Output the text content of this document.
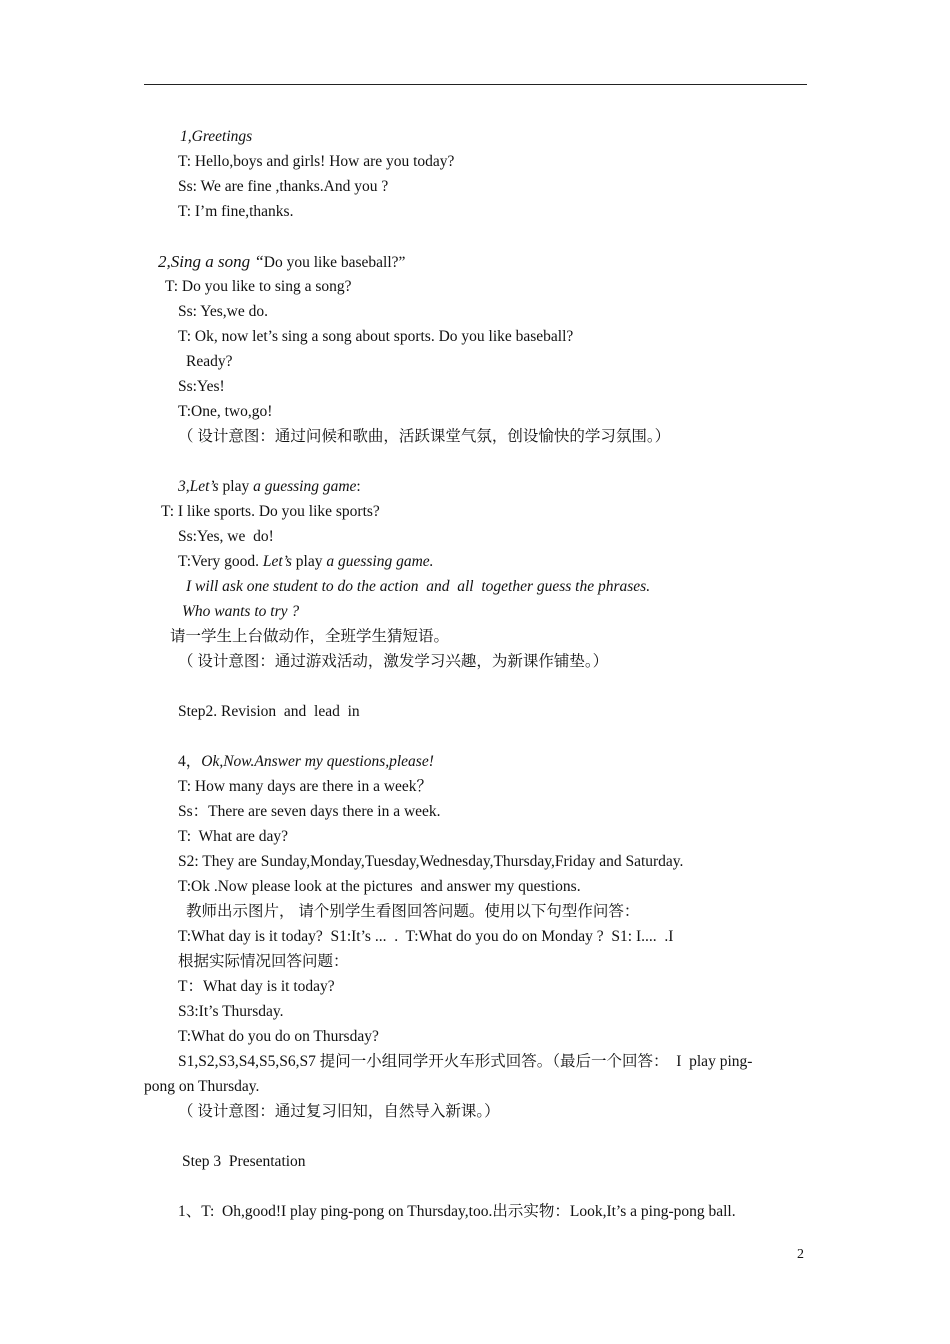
1,Greetings
T: Hello,boys and girls! How are you today?
Ss: We are fine ,thanks.And you ?
T: I’m fine,thanks.
2,Sing a song “Do you like baseball?”
T: Do you like to sing a song?
Ss: Yes,we do.
T: Ok, now let’s sing a song about sports. Do you like baseball?
Ready?
Ss:Yes!
T:One, two,go!
（ 设计意图：通过问候和歌曲，活跃课堂气氛，创设愉快的学习氛围。）
3,Let’s play a guessing game:
T: I like sports. Do you like sports?
Ss:Yes, we  do!
T:Very good. Let’s play a guessing game.
I will ask one student to do the action  and  all  together guess the phrases.
Who wants to try ?
请一学生上台做动作，全班学生猜短语。
（ 设计意图：通过游戏活动，激发学习兴趣，为新课作铺垫。）
Step2. Revision  and  lead  in
4，Ok,Now.Answer my questions,please!
T: How many days are there in a week？
Ss：There are seven days there in a week.
T:  What are day?
S2: They are Sunday,Monday,Tuesday,Wednesday,Thursday,Friday and Saturday.
T:Ok .Now please look at the pictures  and answer my questions.
教师出示图片， 请个别学生看图回答问题。使用以下句型作问答：
T:What day is it today?  S1:It’s ...  .  T:What do you do on Monday ?  S1: I....  .I
根据实际情况回答问题：
T：What day is it today?
S3:It’s Thursday.
T:What do you do on Thursday?
S1,S2,S3,S4,S5,S6,S7 提问一小组同学开火车形式回答。（最后一个回答：  I  play ping-
pong on Thursday.
（ 设计意图：通过复习旧知，自然导入新课。）
Step 3  Presentation
1、T:  Oh,good!I play ping-pong on Thursday,too.出示实物：Look,It’s a ping-pong ball.
2
